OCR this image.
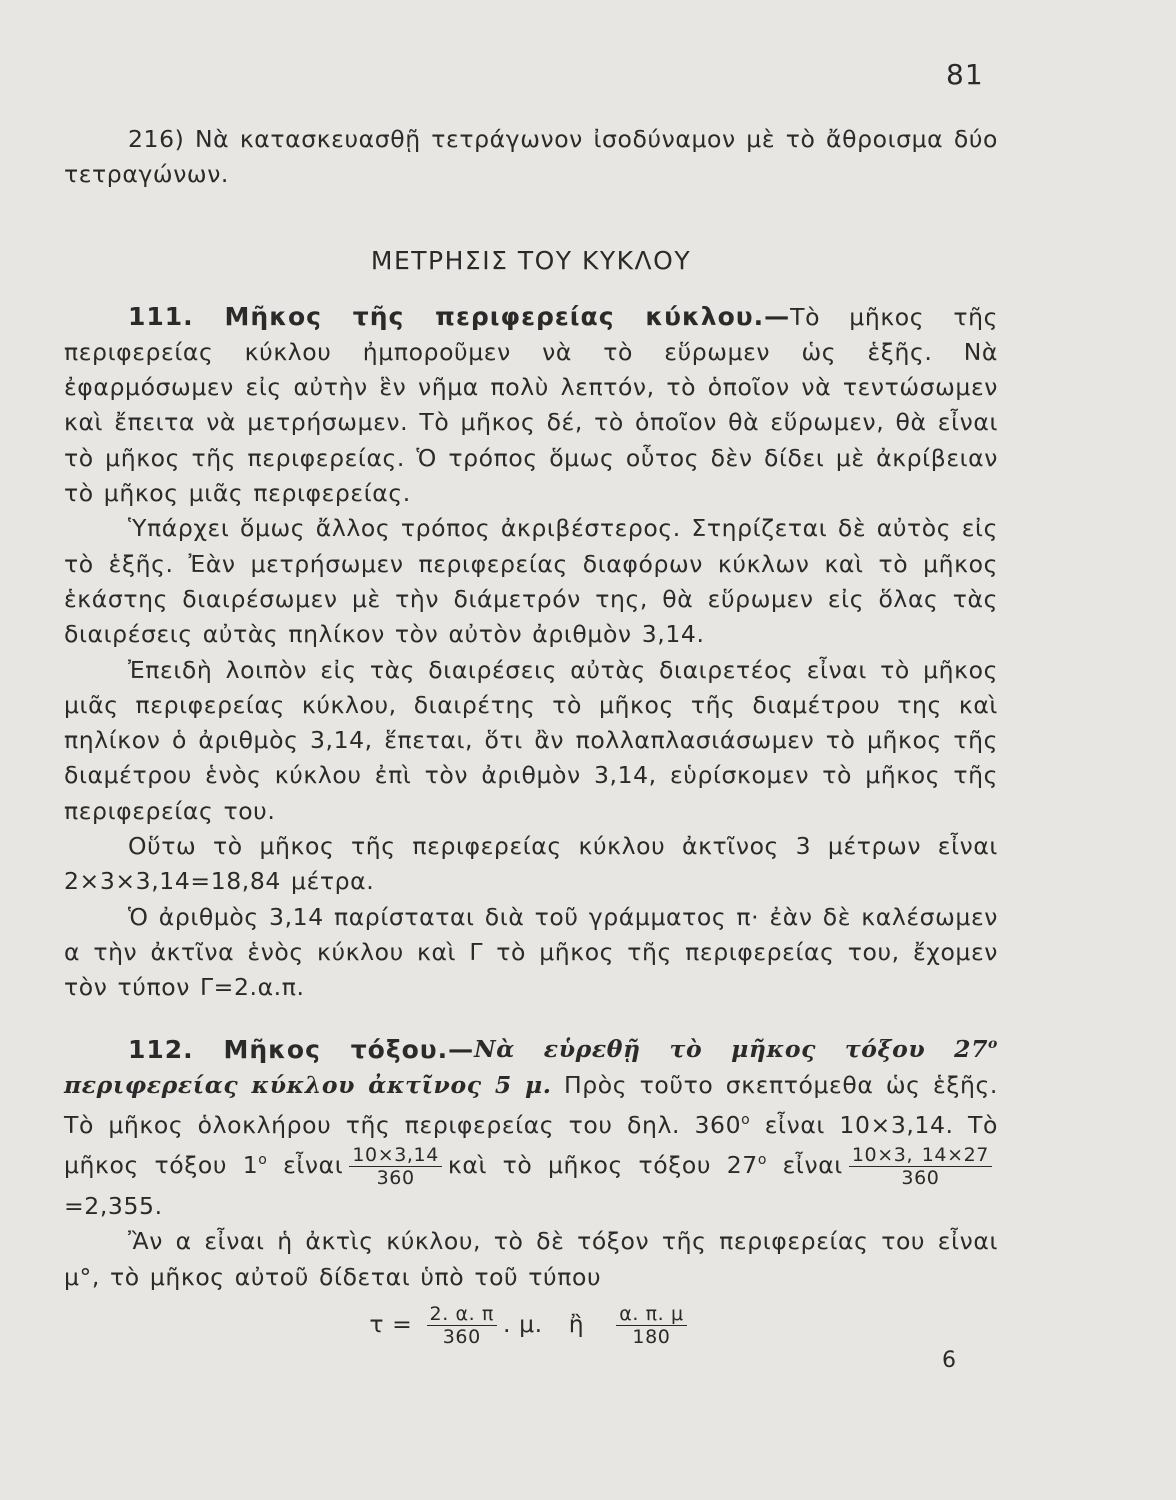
81

216) Νὰ κατασκευασθῇ τετράγωνον ἰσοδύναμον μὲ τὸ ἄθροισμα δύο τετραγώνων.

ΜΕΤΡΗΣΙΣ ΤΟΥ ΚΥΚΛΟΥ

111. Μῆκος τῆς περιφερείας κύκλου.—Τὸ μῆκος τῆς περιφερείας κύκλου ἠμποροῦμεν νὰ τὸ εὕρωμεν ὡς ἑξῆς. Νὰ ἐφαρμόσωμεν εἰς αὐτὴν ἓν νῆμα πολὺ λεπτόν, τὸ ὁποῖον νὰ τεντώσωμεν καὶ ἔπειτα νὰ μετρήσωμεν. Τὸ μῆκος δέ, τὸ ὁποῖον θὰ εὕρωμεν, θὰ εἶναι τὸ μῆκος τῆς περιφερείας. Ὁ τρόπος ὅμως οὗτος δὲν δίδει μὲ ἀκρίβειαν τὸ μῆκος μιᾶς περιφερείας.

Ὑπάρχει ὅμως ἄλλος τρόπος ἀκριβέστερος. Στηρίζεται δὲ αὐτὸς εἰς τὸ ἑξῆς. Ἐὰν μετρήσωμεν περιφερείας διαφόρων κύκλων καὶ τὸ μῆκος ἑκάστης διαιρέσωμεν μὲ τὴν διάμετρόν της, θὰ εὕρωμεν εἰς ὅλας τὰς διαιρέσεις αὐτὰς πηλίκον τὸν αὐτὸν ἀριθμὸν 3,14.

Ἐπειδὴ λοιπὸν εἰς τὰς διαιρέσεις αὐτὰς διαιρετέος εἶναι τὸ μῆκος μιᾶς περιφερείας κύκλου, διαιρέτης τὸ μῆκος τῆς διαμέτρου της καὶ πηλίκον ὁ ἀριθμὸς 3,14, ἕπεται, ὅτι ἂν πολλαπλασιάσωμεν τὸ μῆκος τῆς διαμέτρου ἑνὸς κύκλου ἐπὶ τὸν ἀριθμὸν 3,14, εὑρίσκομεν τὸ μῆκος τῆς περιφερείας του.

Οὕτω τὸ μῆκος τῆς περιφερείας κύκλου ἀκτῖνος 3 μέτρων εἶναι 2×3×3,14=18,84 μέτρα.

Ὁ ἀριθμὸς 3,14 παρίσταται διὰ τοῦ γράμματος π· ἐὰν δὲ καλέσωμεν α τὴν ἀκτῖνα ἑνὸς κύκλου καὶ Γ τὸ μῆκος τῆς περιφερείας του, ἔχομεν τὸν τύπον Γ=2.α.π.

112. Μῆκος τόξου.—Νὰ εὑρεθῇ τὸ μῆκος τόξου $27^o$ περιφερείας κύκλου ἀκτῖνος 5 μ. Πρὸς τοῦτο σκεπτόμεθα ὡς ἑξῆς. Τὸ μῆκος ὁλοκλήρου τῆς περιφερείας του δηλ. $360^o$ εἶναι 10×3,14. Τὸ μῆκος τόξου $1^o$ εἶναι $\frac{10\times 3,14}{360}$ καὶ τὸ μῆκος τόξου $27^o$ εἶναι $\frac{10\times 3, 14\times 27}{360}$
=2,355.

Ἂν α εἶναι ἡ ἀκτὶς κύκλου, τὸ δὲ τόξον τῆς περιφερείας του εἶναι μ°, τὸ μῆκος αὐτοῦ δίδεται ὑπὸ τοῦ τύπου

$\tau = \frac{2. \alpha. \pi}{360}$ . μ. ἢ $\frac{\alpha. \pi. \mu}{180}$
6
